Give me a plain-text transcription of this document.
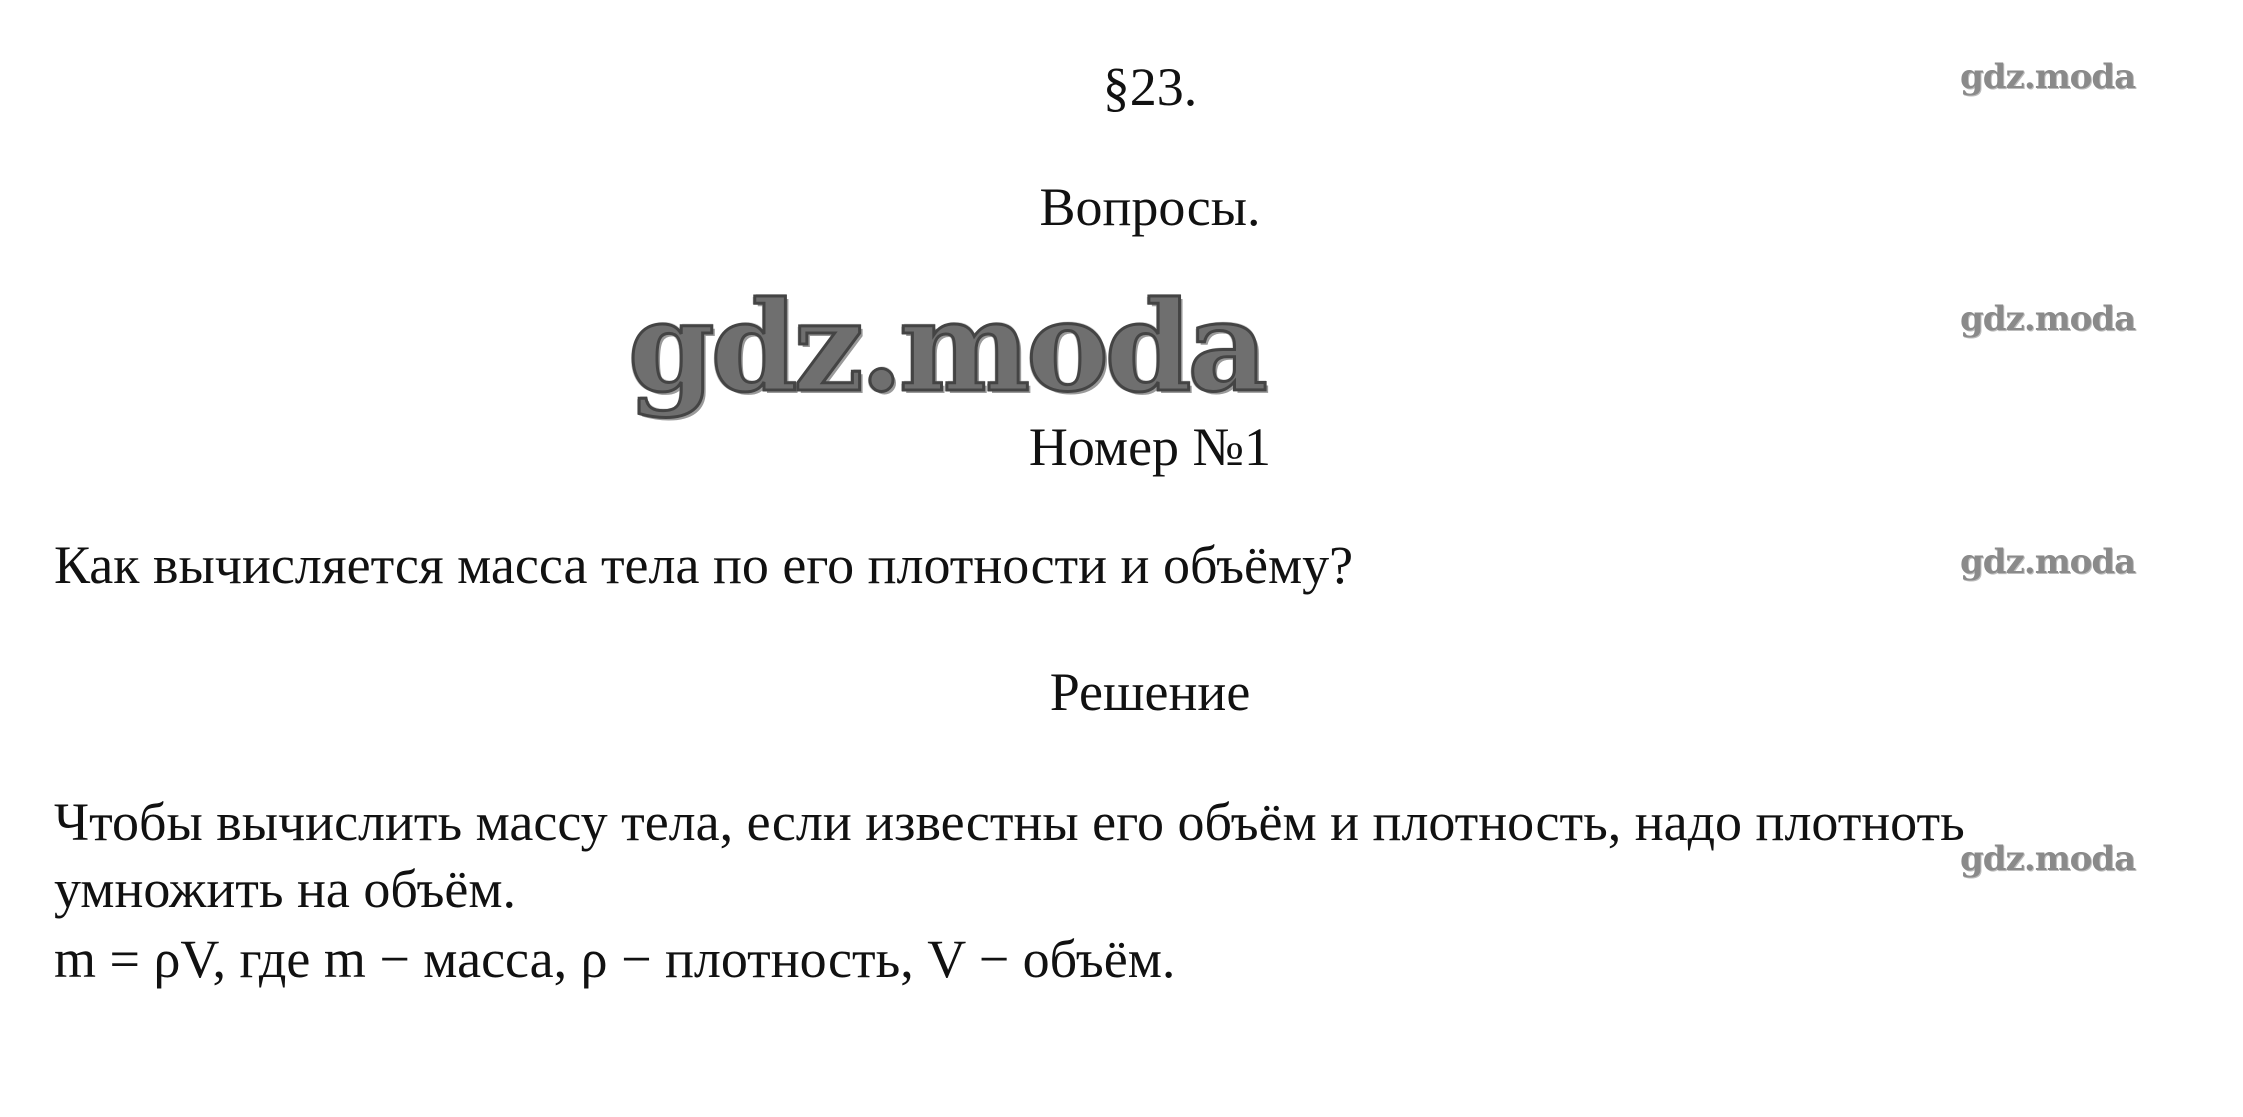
§23.
Вопросы.
gdz.moda
Номер №1
Как вычисляется масса тела по его плотности и объёму?
Решение
Чтобы вычислить массу тела, если известны его объём и плотность, надо плотноть
умножить на объём.
m = ρV, где m − масса, ρ − плотность, V − объём.
gdz.moda
gdz.moda
gdz.moda
gdz.moda
